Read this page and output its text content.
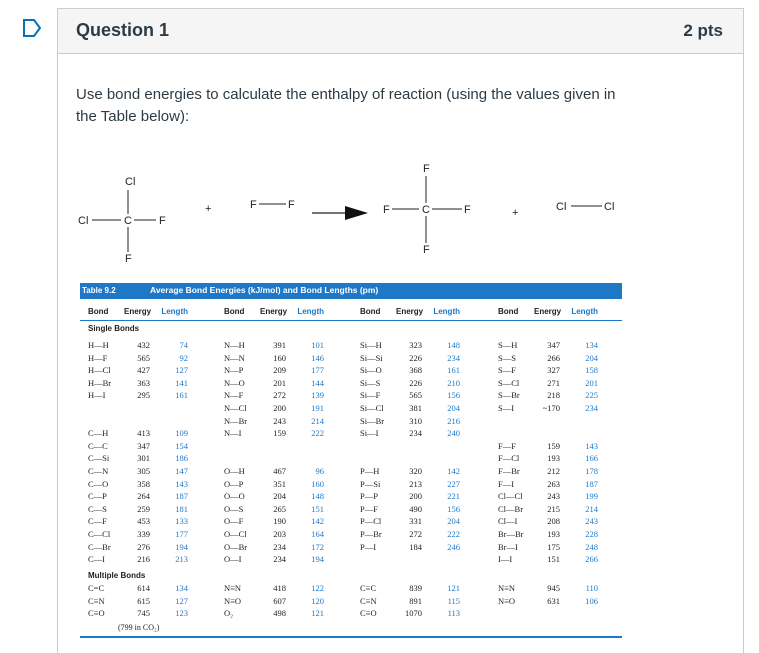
Question 1	2 pts
Use bond energies to calculate the enthalpy of reaction (using the values given in the Table below):
Cl
Cl	C F
F
+	F	F
F
F	C	F
F
+	Cl	Cl
Table 9.2	Average Bond Energies (kJ/mol) and Bond Lengths (pm)
Bond Energy Length
H—H	432	74
H—F	565	92
H—Cl	427	127
H—Br	363	141
H—I	295	161
C—H	413	109
C—C	347	154
C—Si	301	186
C—N	305	147
C—O	358	143
C—P	264	187
C—S	259	181
C—F	453	133
C—Cl	339	177
C—Br	276	194
C—I	216	213
C=C	614	134
C≡N	615	127
C≡O	745	123
Bond Energy Length
N—H	391	101
N—N	160	146
N—P	209	177
N—O	201	144
N—F	272	139
N—Cl	200	191
N—Br	243	214
N—I	159	222
O—H	467	96
O—P	351	160
O—O	204	148
O—S	265	151
O—F	190	142
O—Cl	203	164
O—Br	234	172
O—I	234	194
N≡N	418	122
N≡O	607	120
O₂	498	121
Bond Energy Length
Si—H	323	148
Si—Si	226	234
Si—O	368	161
Si—S	226	210
Si—F	565	156
Si—Cl	381	204
Si—Br	310	216
Si—I	234	240
P—H	320	142
P—Si	213	227
P—P	200	221
P—F	490	156
P—Cl	331	204
P—Br	272	222
P—I	184	246
C≡C	839	121
C≡N	891	115
C≡O	1070	113
Bond Energy Length
S—H	347	134
S—S	266	204
S—F	327	158
S—Cl	271	201
S—Br	218	225
S—I	~170	234
F—F	159	143
F—Cl	193	166
F—Br	212	178
F—I	263	187
Cl—Cl	243	199
Cl—Br	215	214
Cl—I	208	243
Br—Br	193	228
Br—I	175	248
I—I	151	266
N≡N	945	110
N≡O	631	106
Single Bonds
Multiple Bonds
(799 in CO₂)
